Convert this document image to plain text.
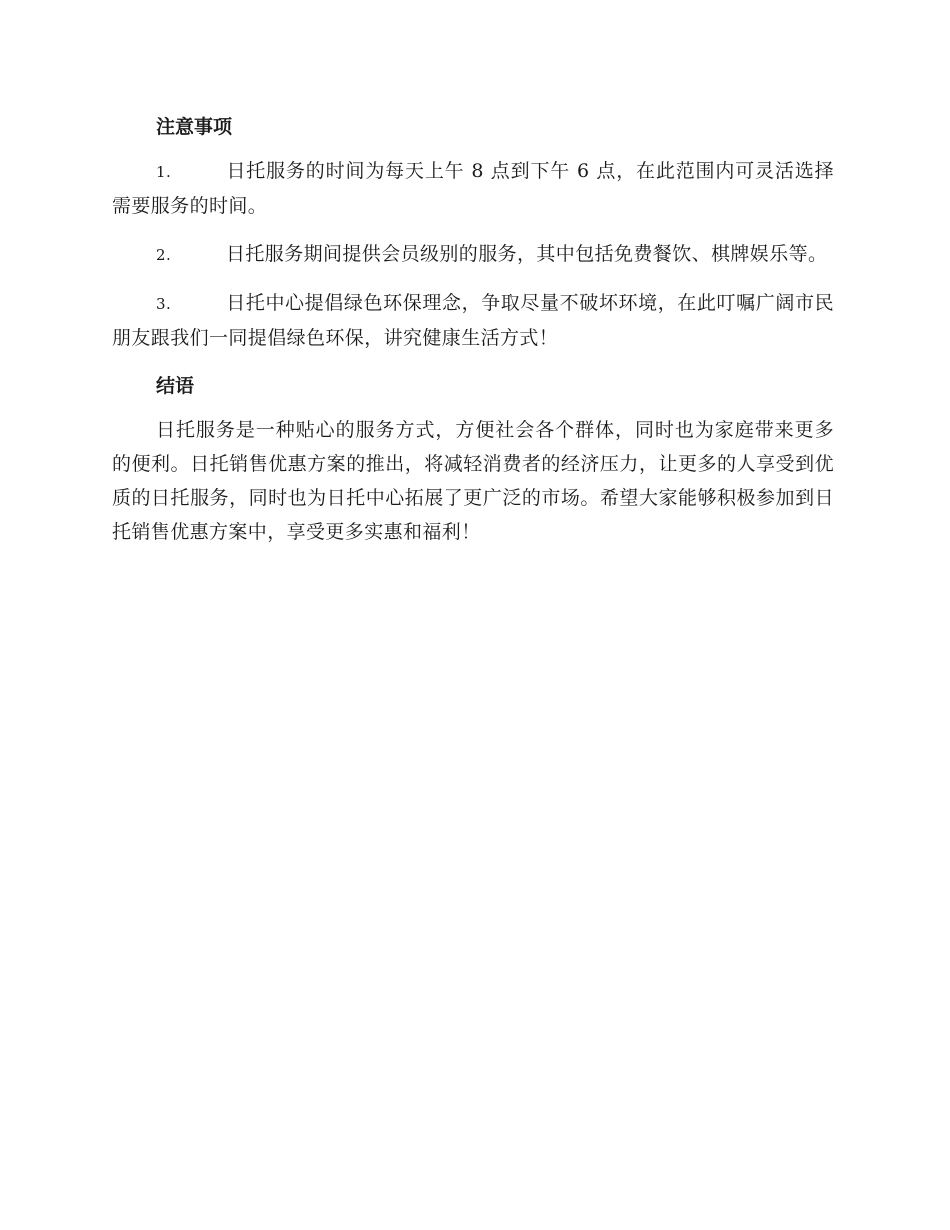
注意事项

1.	日托服务的时间为每天上午 8 点到下午 6 点，在此范围内可灵活选择需要服务的时间。

2.	日托服务期间提供会员级别的服务，其中包括免费餐饮、棋牌娱乐等。

3.	日托中心提倡绿色环保理念，争取尽量不破坏环境，在此叮嘱广阔市民朋友跟我们一同提倡绿色环保，讲究健康生活方式！

结语

日托服务是一种贴心的服务方式，方便社会各个群体，同时也为家庭带来更多的便利。日托销售优惠方案的推出，将减轻消费者的经济压力，让更多的人享受到优质的日托服务，同时也为日托中心拓展了更广泛的市场。希望大家能够积极参加到日托销售优惠方案中，享受更多实惠和福利！
